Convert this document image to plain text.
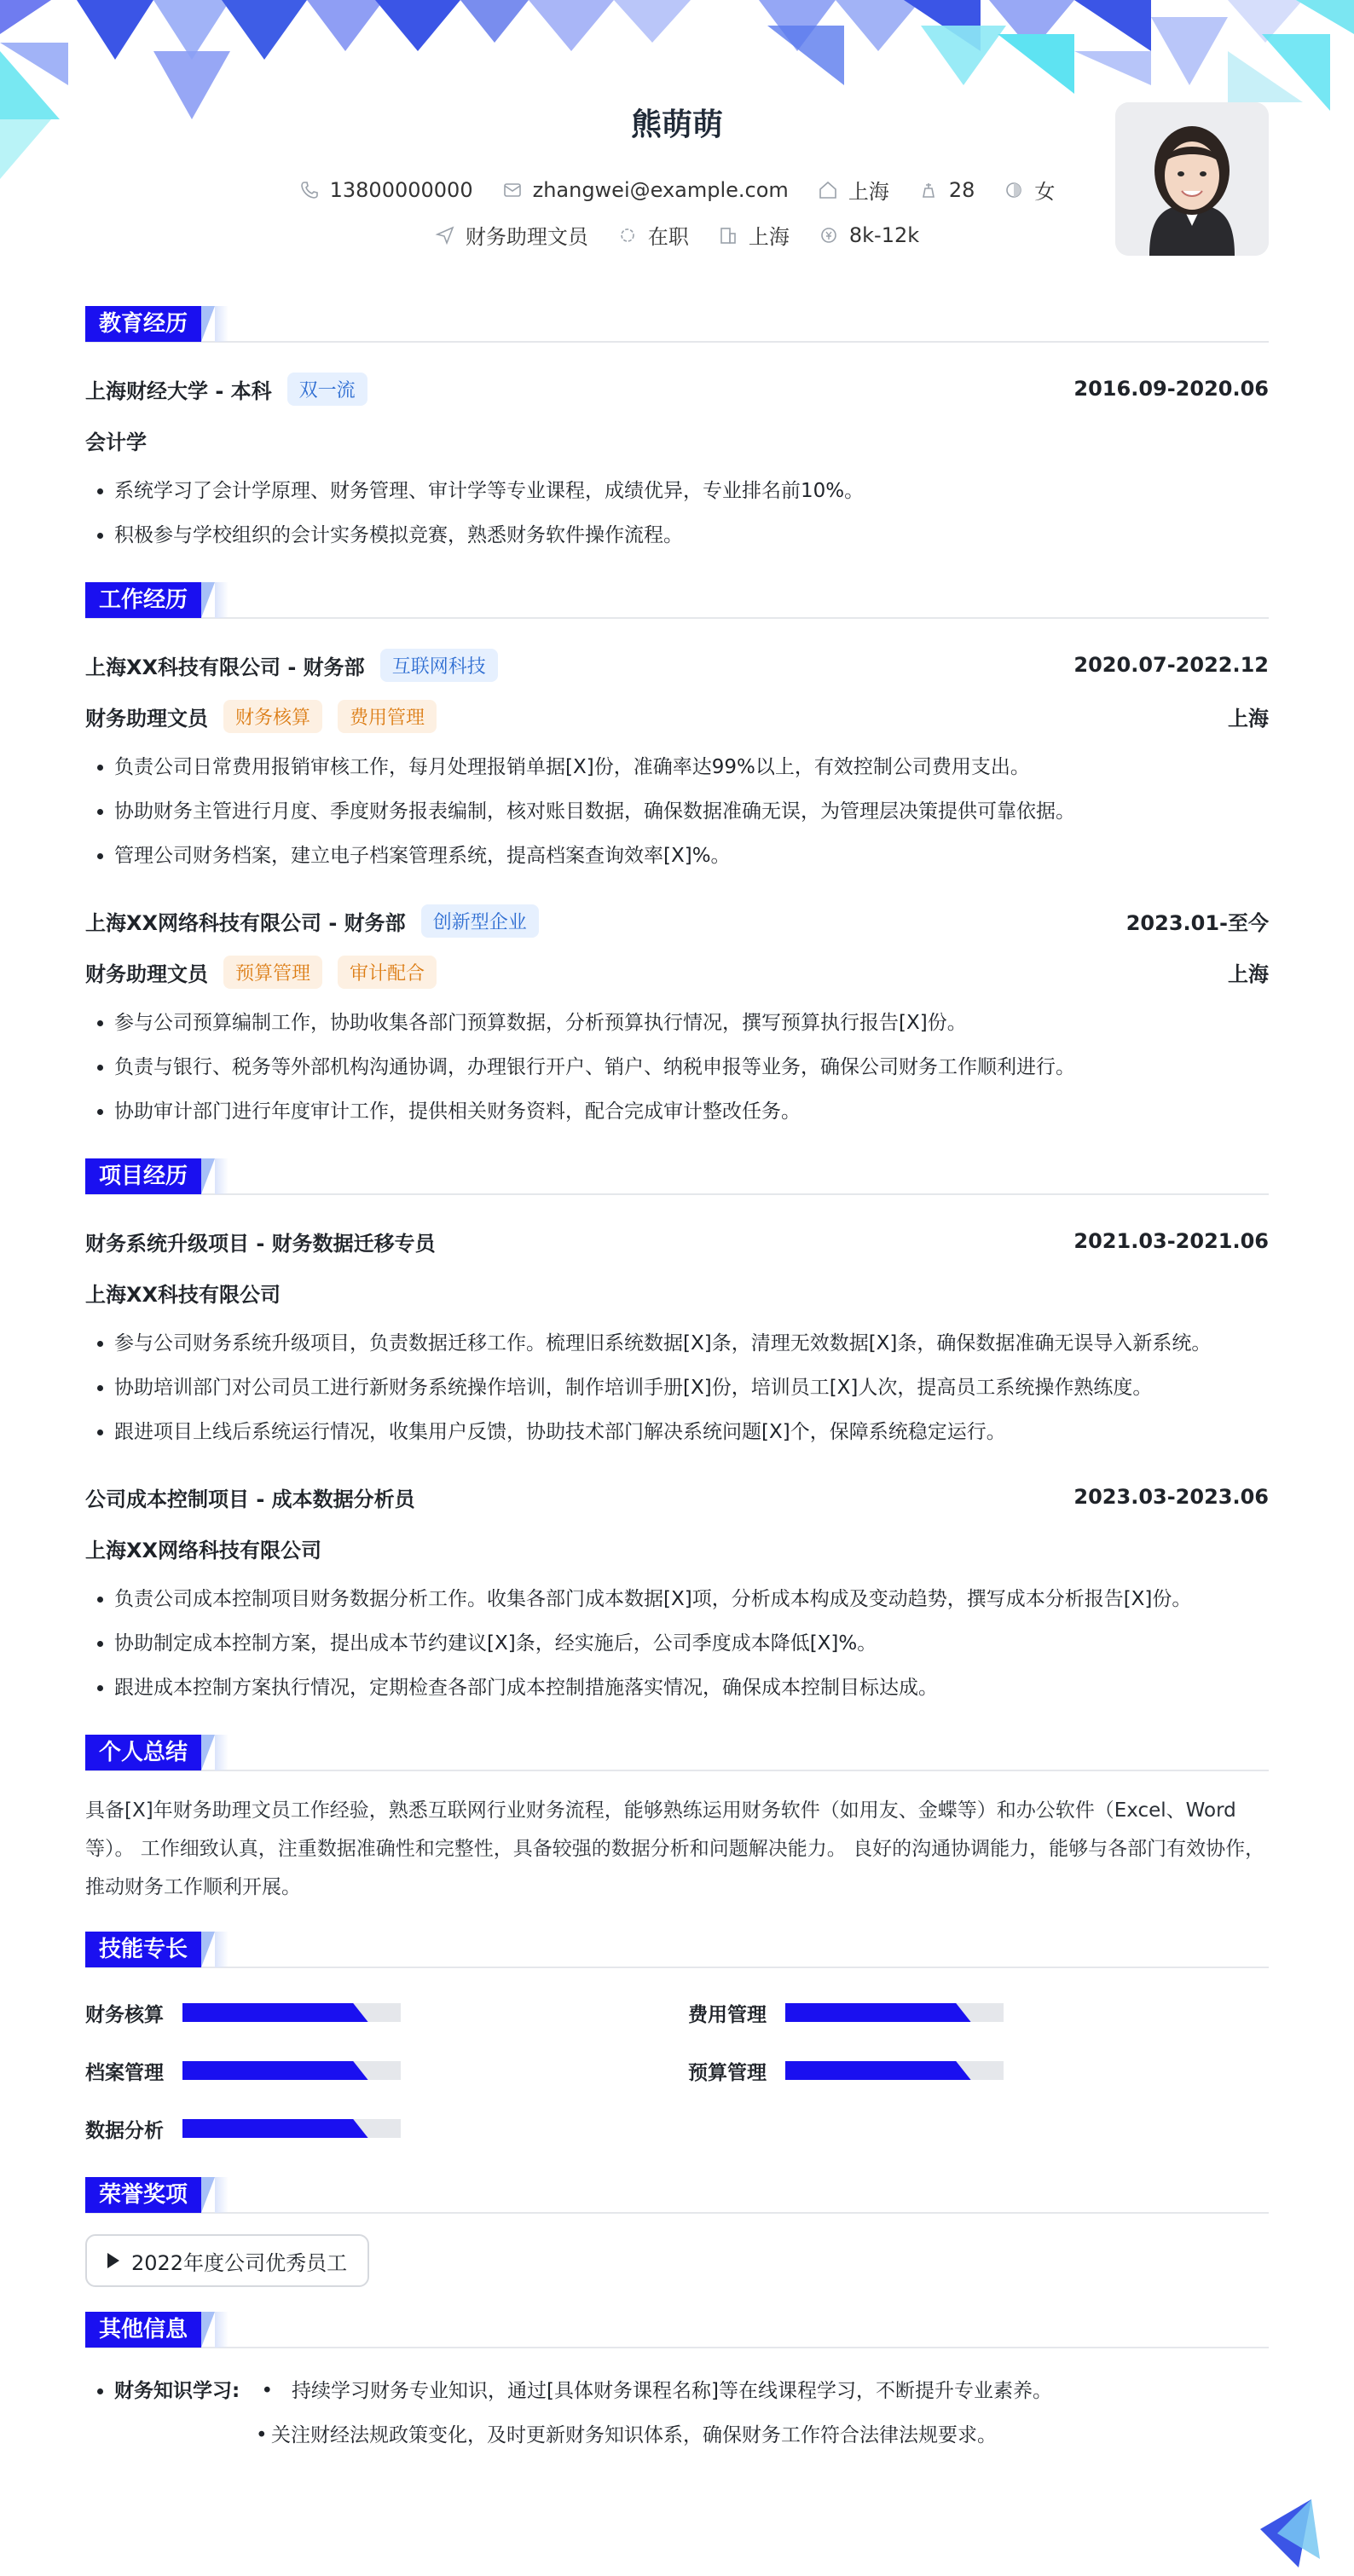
熊萌萌
13800000000	zhangwei@example.com	上海	28	女
财务助理文员	在职	上海	8k-12k
教育经历
上海财经大学 - 本科	双一流	2016.09-2020.06
会计学
• 系统学习了会计学原理、财务管理、审计学等专业课程，成绩优异，专业排名前10%。
• 积极参与学校组织的会计实务模拟竞赛，熟悉财务软件操作流程。
工作经历
上海XX科技有限公司 - 财务部	互联网科技	2020.07-2022.12
财务助理文员	财务核算	费用管理	上海
• 负责公司日常费用报销审核工作，每月处理报销单据[X]份，准确率达99%以上，有效控制公司费用支出。
• 协助财务主管进行月度、季度财务报表编制，核对账目数据，确保数据准确无误，为管理层决策提供可靠依据。
• 管理公司财务档案，建立电子档案管理系统，提高档案查询效率[X]%。
上海XX网络科技有限公司 - 财务部	创新型企业	2023.01-至今
财务助理文员	预算管理	审计配合	上海
• 参与公司预算编制工作，协助收集各部门预算数据，分析预算执行情况，撰写预算执行报告[X]份。
• 负责与银行、税务等外部机构沟通协调，办理银行开户、销户、纳税申报等业务，确保公司财务工作顺利进行。
• 协助审计部门进行年度审计工作，提供相关财务资料，配合完成审计整改任务。
项目经历
财务系统升级项目 - 财务数据迁移专员	2021.03-2021.06
上海XX科技有限公司
• 参与公司财务系统升级项目，负责数据迁移工作。梳理旧系统数据[X]条，清理无效数据[X]条，确保数据准确无误导入新系统。
• 协助培训部门对公司员工进行新财务系统操作培训，制作培训手册[X]份，培训员工[X]人次，提高员工系统操作熟练度。
• 跟进项目上线后系统运行情况，收集用户反馈，协助技术部门解决系统问题[X]个，保障系统稳定运行。
公司成本控制项目 - 成本数据分析员	2023.03-2023.06
上海XX网络科技有限公司
• 负责公司成本控制项目财务数据分析工作。收集各部门成本数据[X]项，分析成本构成及变动趋势，撰写成本分析报告[X]份。
• 协助制定成本控制方案，提出成本节约建议[X]条，经实施后，公司季度成本降低[X]%。
• 跟进成本控制方案执行情况，定期检查各部门成本控制措施落实情况，确保成本控制目标达成。
个人总结
具备[X]年财务助理文员工作经验，熟悉互联网行业财务流程，能够熟练运用财务软件（如用友、金蝶等）和办公软件（Excel、Word等）。 工作细致认真，注重数据准确性和完整性，具备较强的数据分析和问题解决能力。 良好的沟通协调能力，能够与各部门有效协作，推动财务工作顺利开展。
技能专长
财务核算	费用管理
档案管理	预算管理
数据分析
荣誉奖项
2022年度公司优秀员工
其他信息
• 财务知识学习: •   持续学习财务专业知识，通过[具体财务课程名称]等在线课程学习，不断提升专业素养。
• 关注财经法规政策变化，及时更新财务知识体系，确保财务工作符合法律法规要求。
